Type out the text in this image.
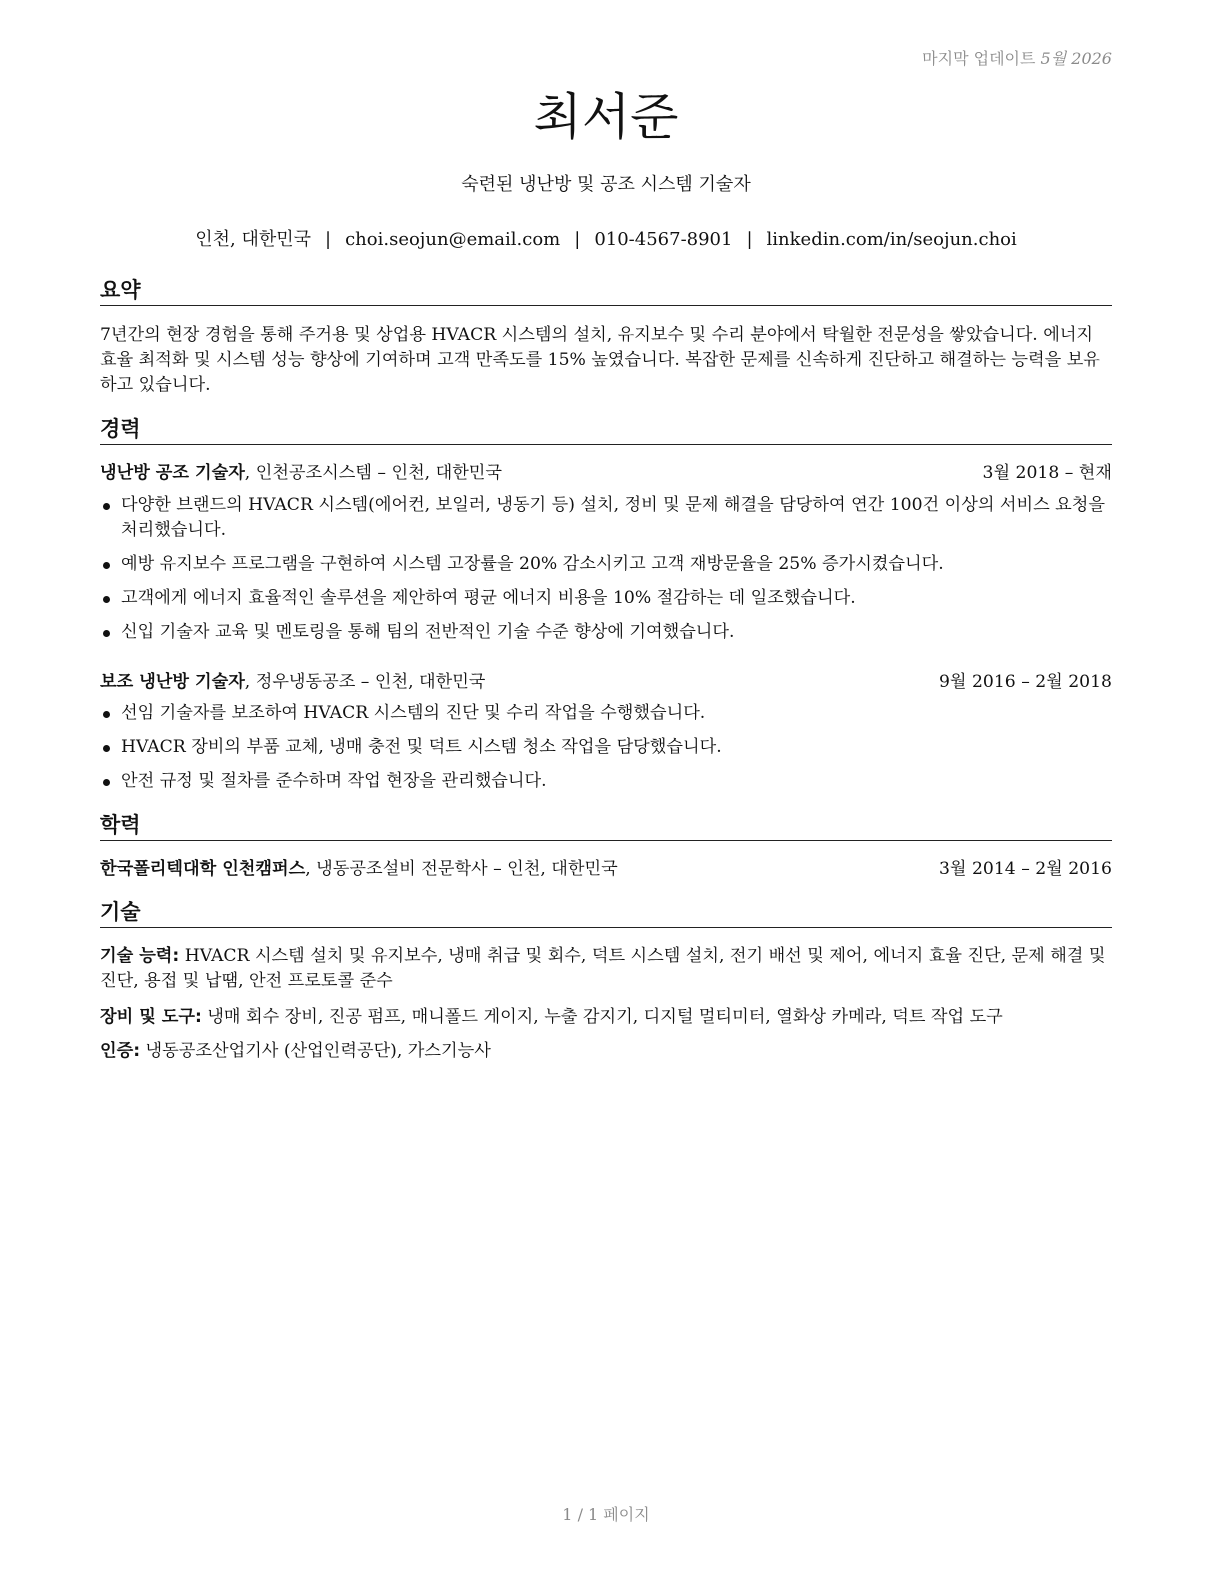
마지막 업데이트 5월 2026
최서준
숙련된 냉난방 및 공조 시스템 기술자
인천, 대한민국 | choi.seojun@email.com | 010-4567-8901 | linkedin.com/in/seojun.choi
요약
7년간의 현장 경험을 통해 주거용 및 상업용 HVACR 시스템의 설치, 유지보수 및 수리 분야에서 탁월한 전문성을 쌓았습니다. 에너지 효율 최적화 및 시스템 성능 향상에 기여하며 고객 만족도를 15% 높였습니다. 복잡한 문제를 신속하게 진단하고 해결하는 능력을 보유하고 있습니다.
경력
냉난방 공조 기술자, 인천공조시스템 – 인천, 대한민국	3월 2018 – 현재
다양한 브랜드의 HVACR 시스템(에어컨, 보일러, 냉동기 등) 설치, 정비 및 문제 해결을 담당하여 연간 100건 이상의 서비스 요청을 처리했습니다.
예방 유지보수 프로그램을 구현하여 시스템 고장률을 20% 감소시키고 고객 재방문율을 25% 증가시켰습니다.
고객에게 에너지 효율적인 솔루션을 제안하여 평균 에너지 비용을 10% 절감하는 데 일조했습니다.
신입 기술자 교육 및 멘토링을 통해 팀의 전반적인 기술 수준 향상에 기여했습니다.
보조 냉난방 기술자, 정우냉동공조 – 인천, 대한민국	9월 2016 – 2월 2018
선임 기술자를 보조하여 HVACR 시스템의 진단 및 수리 작업을 수행했습니다.
HVACR 장비의 부품 교체, 냉매 충전 및 덕트 시스템 청소 작업을 담당했습니다.
안전 규정 및 절차를 준수하며 작업 현장을 관리했습니다.
학력
한국폴리텍대학 인천캠퍼스, 냉동공조설비 전문학사 – 인천, 대한민국	3월 2014 – 2월 2016
기술
기술 능력: HVACR 시스템 설치 및 유지보수, 냉매 취급 및 회수, 덕트 시스템 설치, 전기 배선 및 제어, 에너지 효율 진단, 문제 해결 및 진단, 용접 및 납땜, 안전 프로토콜 준수
장비 및 도구: 냉매 회수 장비, 진공 펌프, 매니폴드 게이지, 누출 감지기, 디지털 멀티미터, 열화상 카메라, 덕트 작업 도구
인증: 냉동공조산업기사 (산업인력공단), 가스기능사
1 / 1 페이지
